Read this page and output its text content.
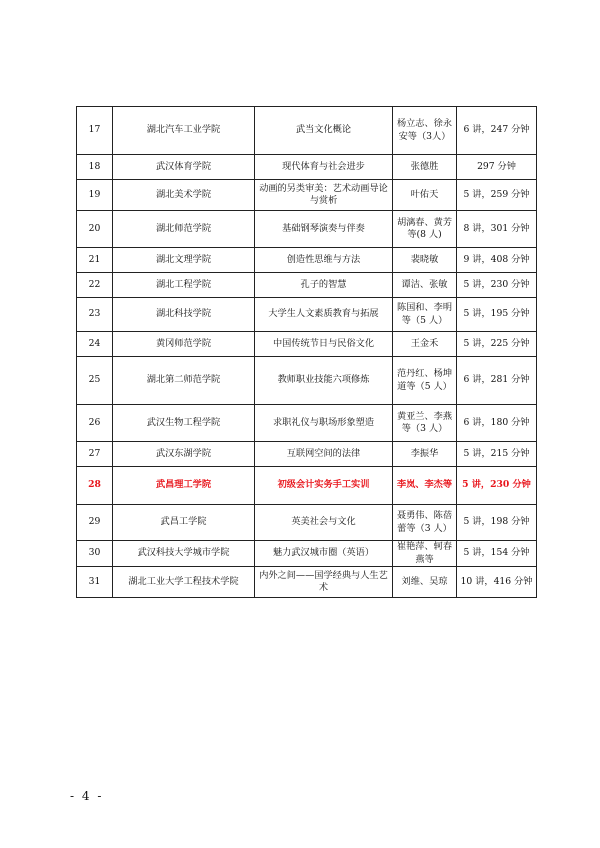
17	湖北汽车工业学院	武当文化概论	杨立志、徐永安等（3人）	6 讲，247 分钟
18	武汉体育学院	现代体育与社会进步	张德胜	297 分钟
19	湖北美术学院	动画的另类审美：艺术动画导论与赏析	叶佑天	5 讲，259 分钟
20	湖北师范学院	基础钢琴演奏与伴奏	胡漓春、黄芳等(8 人)	8 讲，301 分钟
21	湖北文理学院	创造性思维与方法	裴晓敏	9 讲，408 分钟
22	湖北工程学院	孔子的智慧	谭洁、张敏	5 讲，230 分钟
23	湖北科技学院	大学生人文素质教育与拓展	陈国和、李明等（5 人）	5 讲，195 分钟
24	黄冈师范学院	中国传统节日与民俗文化	王金禾	5 讲，225 分钟
25	湖北第二师范学院	教师职业技能六项修炼	范丹红、杨坤道等（5 人）	6 讲，281 分钟
26	武汉生物工程学院	求职礼仪与职场形象塑造	黄亚兰、李燕等（3 人）	6 讲，180 分钟
27	武汉东湖学院	互联网空间的法律	李振华	5 讲，215 分钟
28	武昌理工学院	初级会计实务手工实训	李岚、李杰等	5 讲，230 分钟
29	武昌工学院	英美社会与文化	聂勇伟、陈蓓蕾等（3 人）	5 讲，198 分钟
30	武汉科技大学城市学院	魅力武汉城市圈（英语）	崔艳萍、轲春燕等	5 讲，154 分钟
31	湖北工业大学工程技术学院	内外之间——国学经典与人生艺术	刘维、吴琼	10 讲，416 分钟
- 4 -
